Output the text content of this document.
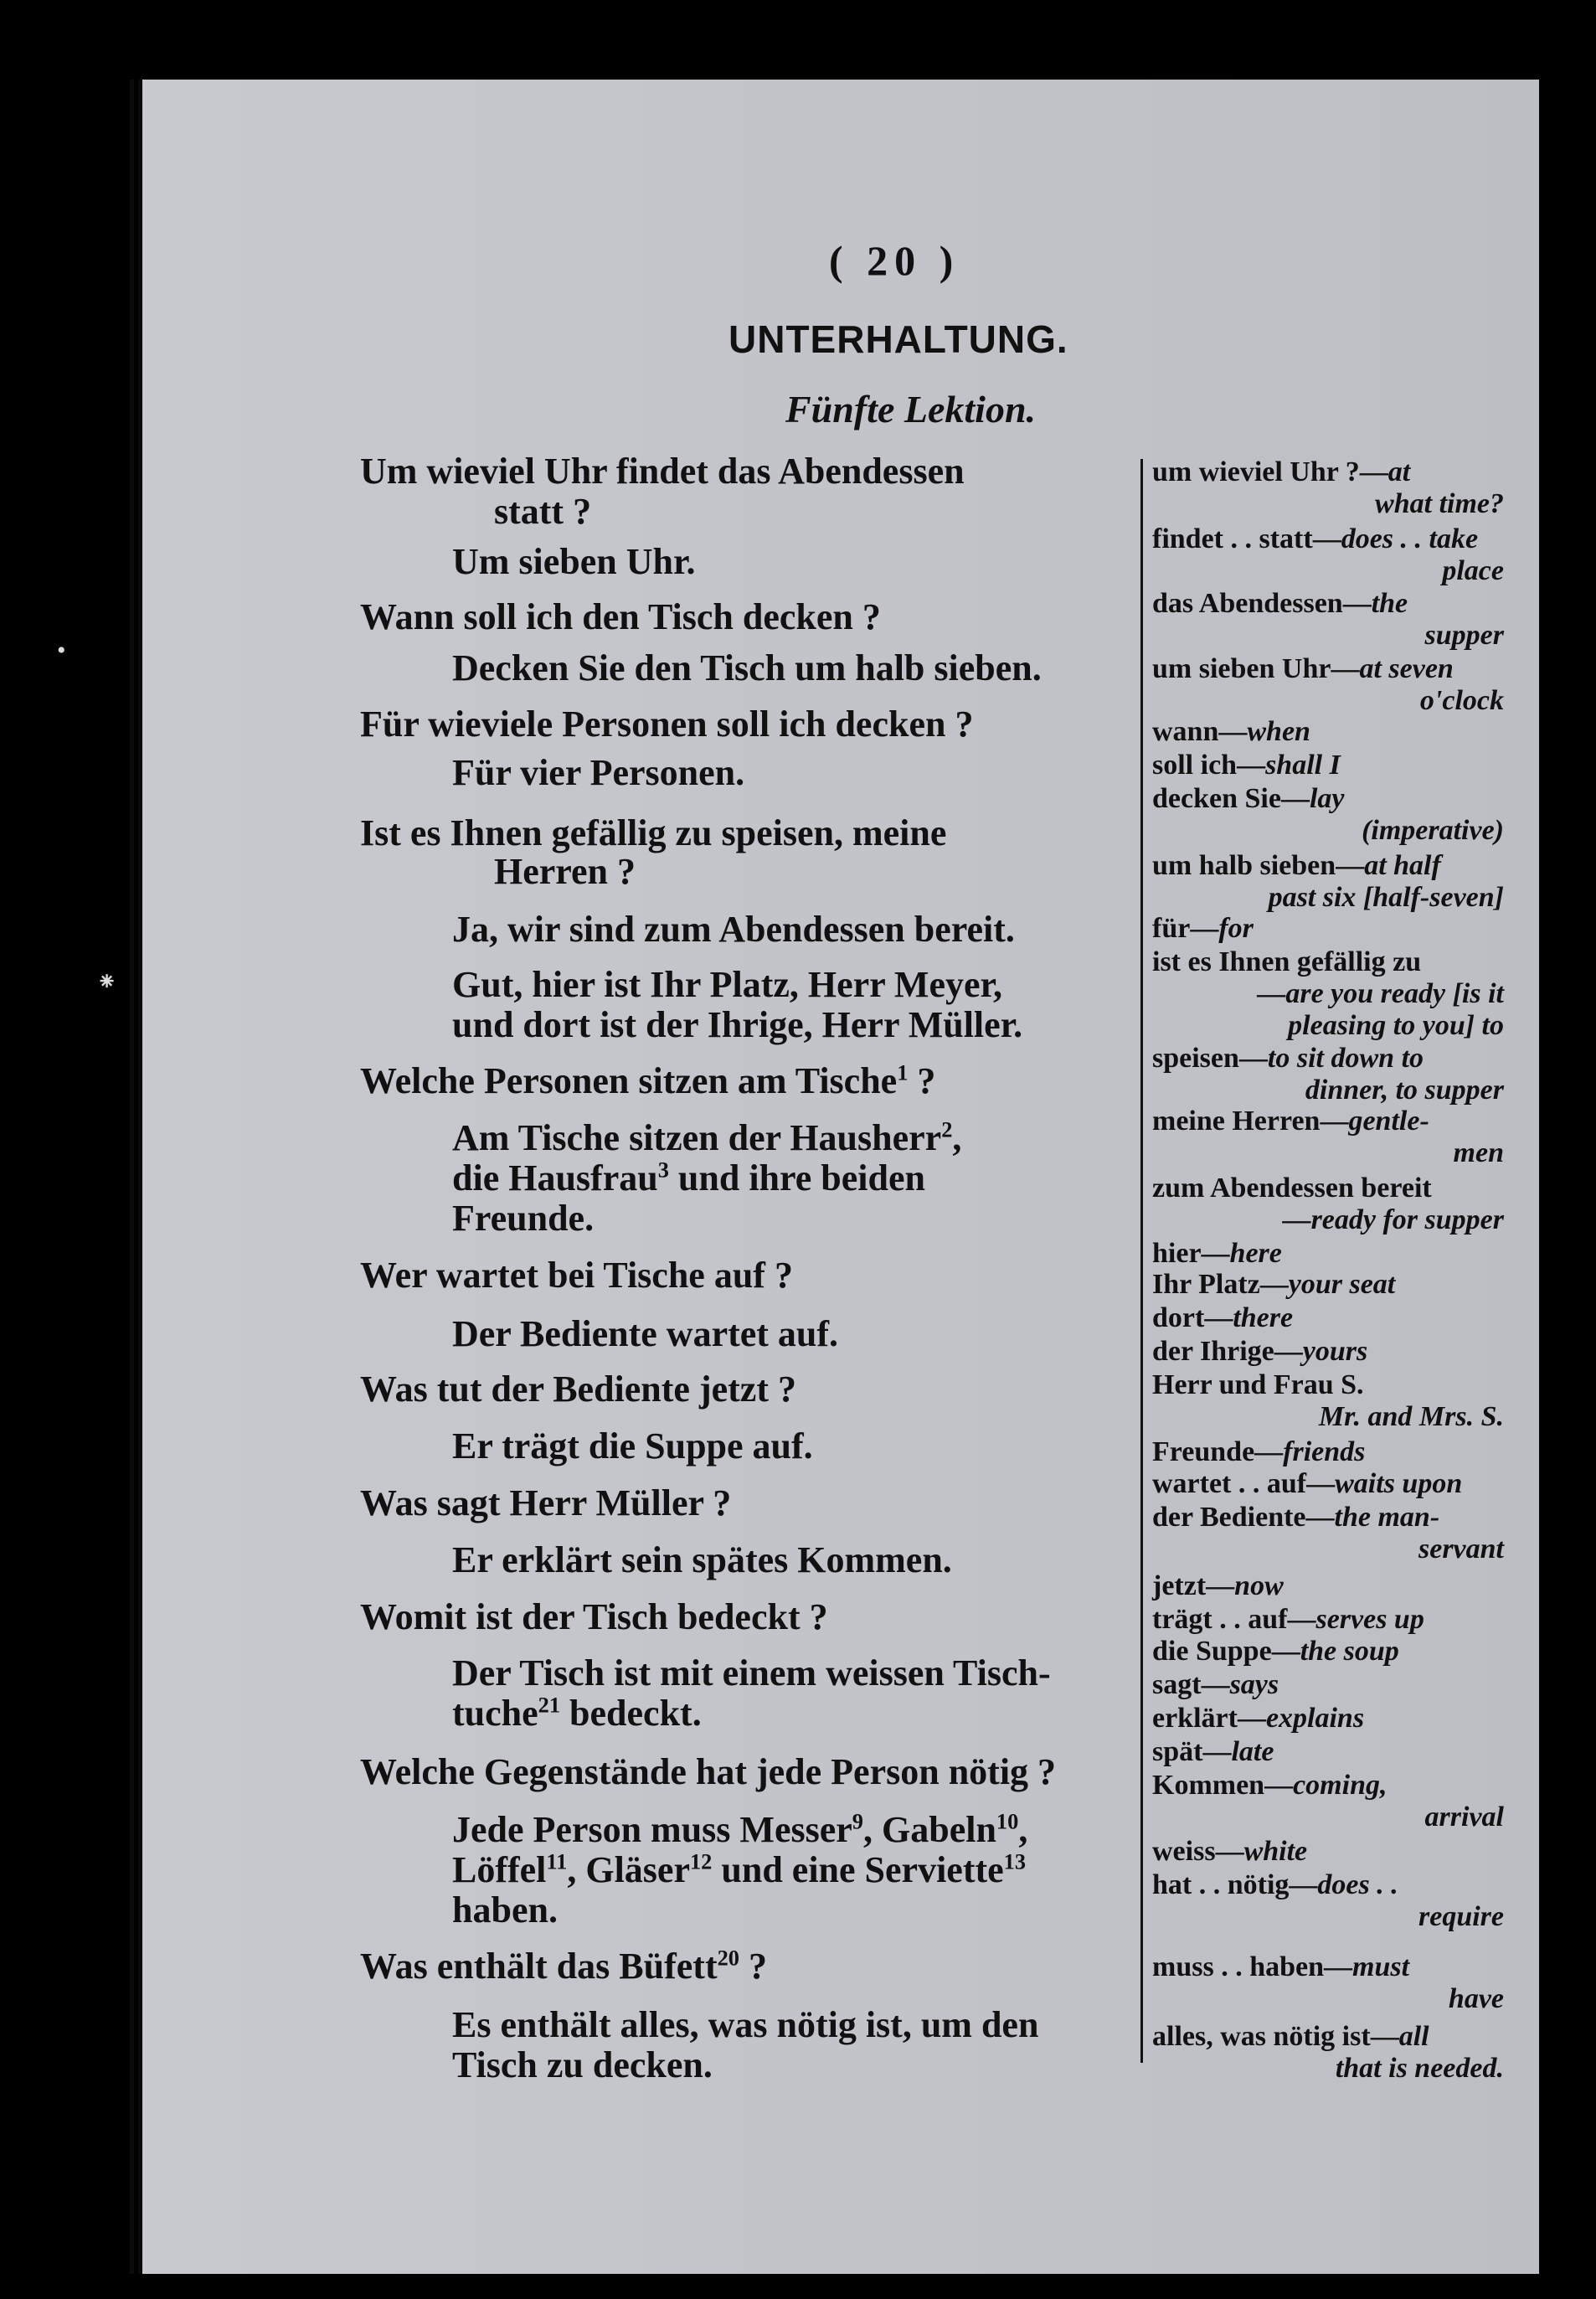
•
⁕
( 20 )
UNTERHALTUNG.
Fünfte Lektion.
Um wieviel Uhr findet das Abendessen
statt ?
Um sieben Uhr.
Wann soll ich den Tisch decken ?
Decken Sie den Tisch um halb sieben.
Für wieviele Personen soll ich decken ?
Für vier Personen.
Ist es Ihnen gefällig zu speisen, meine
Herren ?
Ja, wir sind zum Abendessen bereit.
Gut, hier ist Ihr Platz, Herr Meyer,
und dort ist der Ihrige, Herr Müller.
Welche Personen sitzen am Tische$^1$ ?
Am Tische sitzen der Hausherr$^2$,
die Hausfrau$^3$ und ihre beiden
Freunde.
Wer wartet bei Tische auf ?
Der Bediente wartet auf.
Was tut der Bediente jetzt ?
Er trägt die Suppe auf.
Was sagt Herr Müller ?
Er erklärt sein spätes Kommen.
Womit ist der Tisch bedeckt ?
Der Tisch ist mit einem weissen Tisch-
tuche$^{21}$ bedeckt.
Welche Gegenstände hat jede Person nötig ?
Jede Person muss Messer$^9$, Gabeln$^{10}$,
Löffel$^{11}$, Gläser$^{12}$ und eine Serviette$^{13}$
haben.
Was enthält das Büfett$^{20}$ ?
Es enthält alles, was nötig ist, um den
Tisch zu decken.
um wieviel Uhr ?—at
what time?
findet . . statt—does . . take
place
das Abendessen—the
supper
um sieben Uhr—at seven
o'clock
wann—when
soll ich—shall I
decken Sie—lay
(imperative)
um halb sieben—at half
past six [half-seven]
für—for
ist es Ihnen gefällig zu
—are you ready [is it
pleasing to you] to
speisen—to sit down to
dinner, to supper
meine Herren—gentle-
men
zum Abendessen bereit
—ready for supper
hier—here
Ihr Platz—your seat
dort—there
der Ihrige—yours
Herr und Frau S.
Mr. and Mrs. S.
Freunde—friends
wartet . . auf—waits upon
der Bediente—the man-
servant
jetzt—now
trägt . . auf—serves up
die Suppe—the soup
sagt—says
erklärt—explains
spät—late
Kommen—coming,
arrival
weiss—white
hat . . nötig—does . .
require
muss . . haben—must
have
alles, was nötig ist—all
that is needed.
